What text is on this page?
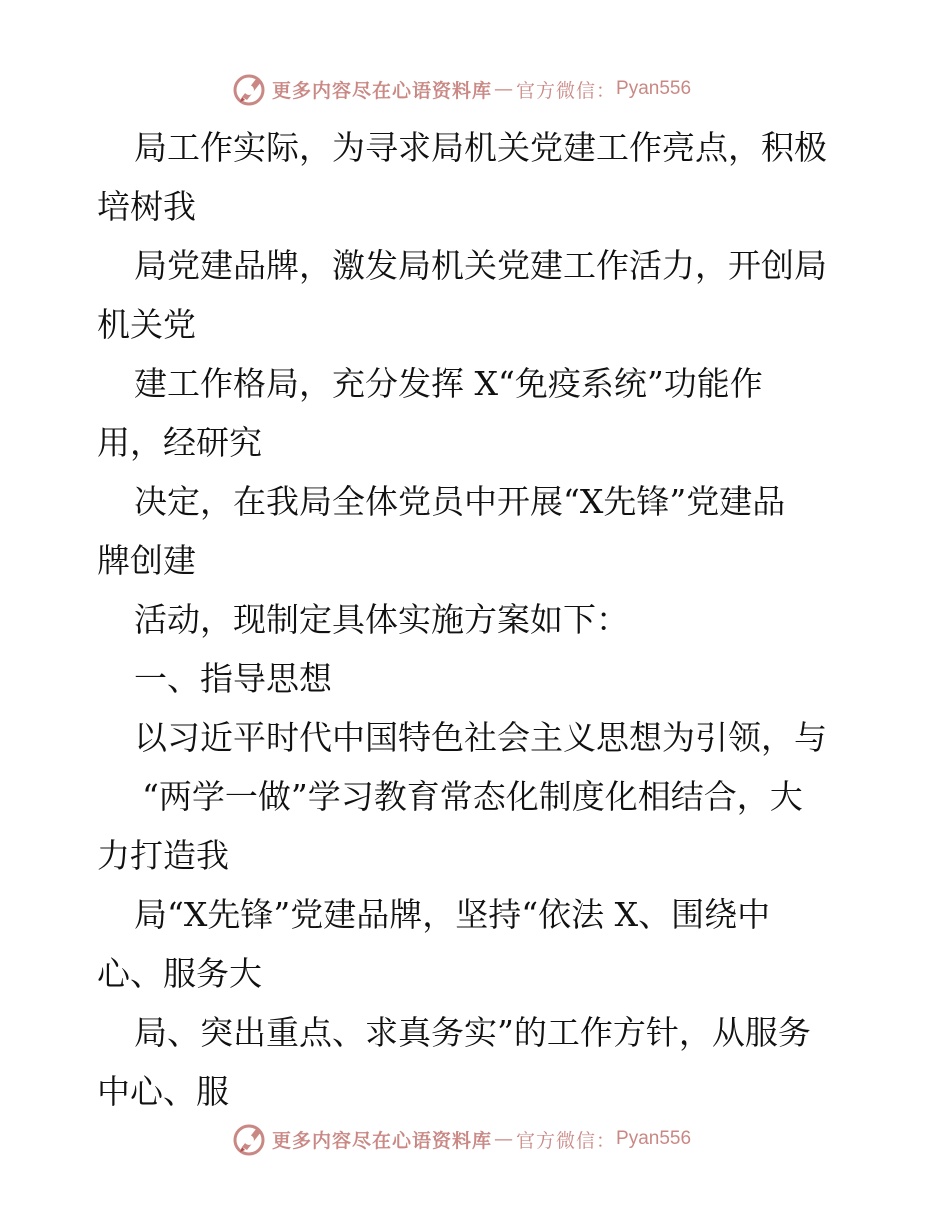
更多内容尽在心语资料库 — 官方微信： Pyan556
局工作实际，为寻求局机关党建工作亮点，积极
培树我
局党建品牌，激发局机关党建工作活力，开创局
机关党
建工作格局，充分发挥 X“免疫系统”功能作
用，经研究
决定，在我局全体党员中开展“X先锋”党建品
牌创建
活动，现制定具体实施方案如下：
一、指导思想
以习近平时代中国特色社会主义思想为引领，与
“两学一做”学习教育常态化制度化相结合，大
力打造我
局“X先锋”党建品牌，坚持“依法 X、围绕中
心、服务大
局、突出重点、求真务实”的工作方针，从服务
中心、服
更多内容尽在心语资料库 — 官方微信： Pyan556
